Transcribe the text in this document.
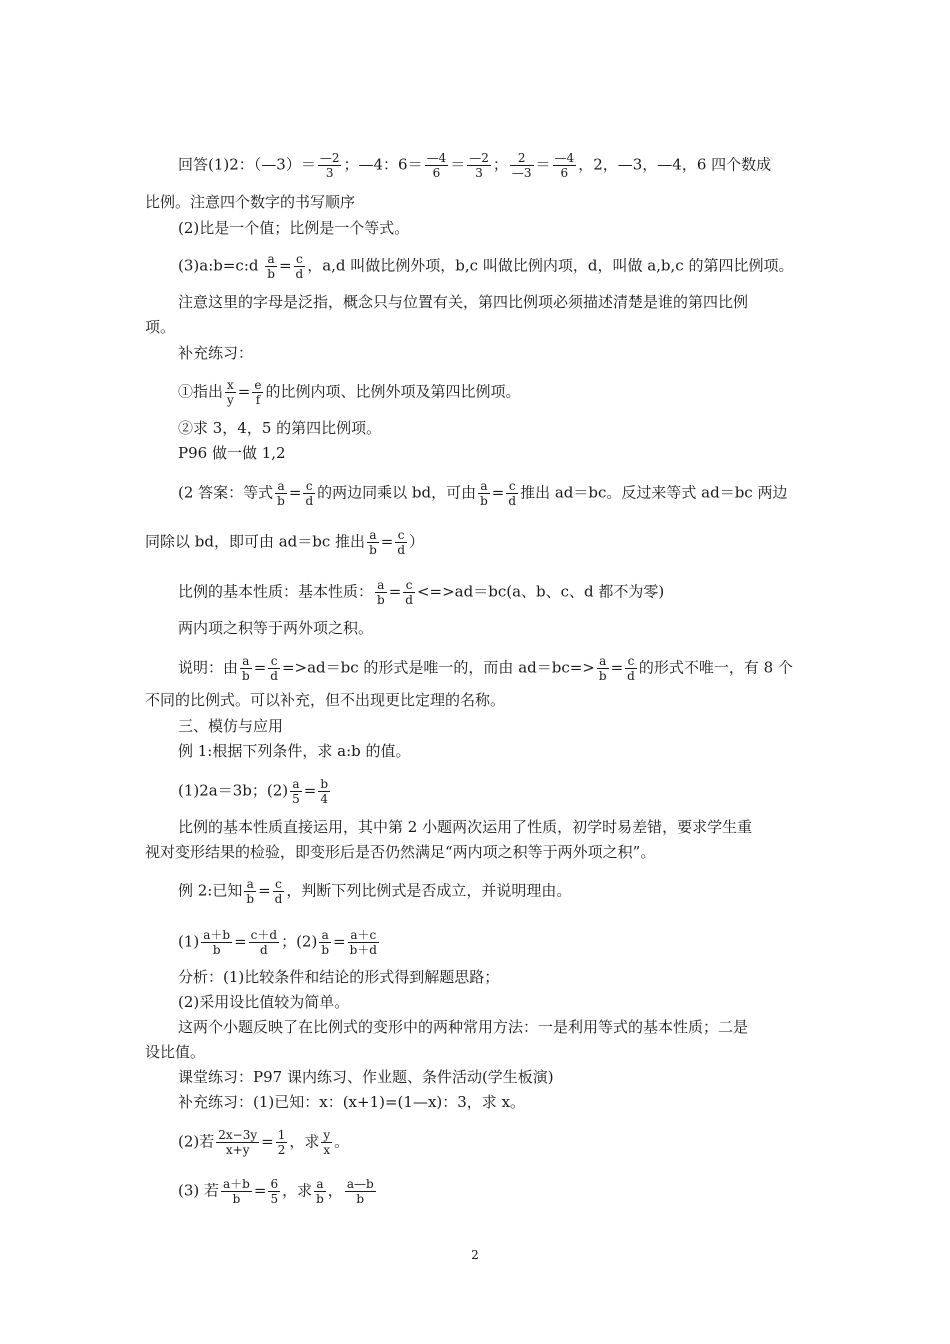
回答(1)2：（—3）＝ $\frac{—2}{3}$ ；—4：$6= \frac{—4}{6} = \frac{—2}{3}$ ； $\frac{2}{—3} = \frac{—4}{6}$ ，2，—3，—4，6 四个数成
比例。注意四个数字的书写顺序
(2)比是一个值；比例是一个等式。
(3)a:b=c:d $\frac{a}{b} = \frac{c}{d}$ ，a,d 叫做比例外项，b,c 叫做比例内项，d，叫做 a,b,c 的第四比例项。
注意这里的字母是泛指，概念只与位置有关，第四比例项必须描述清楚是谁的第四比例
项。
补充练习：
①指出 $\frac{x}{y} = \frac{e}{f}$ 的比例内项、比例外项及第四比例项。
②求 3，4，5 的第四比例项。
P96 做一做 1,2
(2 答案：等式 $\frac{a}{b} = \frac{c}{d}$ 的两边同乘以 bd，可由 $\frac{a}{b} = \frac{c}{d}$ 推出 ad＝bc。反过来等式 ad＝bc 两边
同除以 bd，即可由 ad＝bc 推出 $\frac{a}{b} = \frac{c}{d}$ ）
比例的基本性质：基本性质： $\frac{a}{b} = \frac{c}{d} <=>ad=bc(a$、b、c、d 都不为零)
两内项之积等于两外项之积。
说明：由 $\frac{a}{b} = \frac{c}{d} =>ad=bc$ 的形式是唯一的，而由 $ad=bc=> \frac{a}{b} = \frac{c}{d}$ 的形式不唯一，有 8 个
不同的比例式。可以补充，但不出现更比定理的名称。
三、模仿与应用
例 1:根据下列条件，求 a:b 的值。
(1)2a＝3b；$(2) \frac{a}{5} = \frac{b}{4}$
比例的基本性质直接运用，其中第 2 小题两次运用了性质，初学时易差错，要求学生重
视对变形结果的检验，即变形后是否仍然满足“两内项之积等于两外项之积”。
例 2:已知 $\frac{a}{b} = \frac{c}{d}$ ，判断下列比例式是否成立，并说明理由。
$(1) \frac{a+b}{b} = \frac{c+d}{d}$ ；$(2) \frac{a}{b} = \frac{a+c}{b+d}$
分析：(1)比较条件和结论的形式得到解题思路；
(2)采用设比值较为简单。
这两个小题反映了在比例式的变形中的两种常用方法：一是利用等式的基本性质；二是
设比值。
课堂练习：P97 课内练习、作业题、条件活动(学生板演)
补充练习：(1)已知：x：(x+1)=(1—x)：3，求 x。
(2)若 $\frac{2x-3y}{x+y} = \frac{1}{2}$ ，求 $\frac{y}{x}$ 。
(3) 若 $\frac{a+b}{b} = \frac{6}{5}$ ，求 $\frac{a}{b}$ ， $\frac{a—b}{b}$
2
